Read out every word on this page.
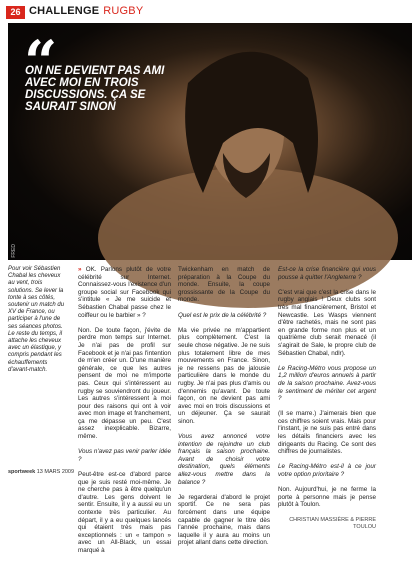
26 CHALLENGE RUGBY
“
ON NE DEVIENT PAS AMI AVEC MOI EN TROIS DISCUSSIONS. ÇA SE SAURAIT SINON
FRED
Pour voir Sébastien Chabal les cheveux au vent, trois solutions. Se lever la tonte à ses côtés, soutenir un match du XV de France, ou participer à l'une de ses séances photos. Le reste du temps, il attache les cheveux avec un élastique, y compris pendant les échauffements d'avant-match.

» OK. Parlons plutôt de votre célébrité sur Internet. Connaissez-vous l'existence d'un groupe social sur Facebook qui s'intitule « Je me suicide et Sébastien Chabal passe chez le coiffeur ou le barbier » ?

Non. De toute façon, j'évite de perdre mon temps sur Internet. Je n'ai pas de profil sur Facebook et je n'ai pas l'intention de m'en créer un. D'une manière générale, ce que les autres pensent de moi ne m'importe pas. Ceux qui s'intéressent au rugby se souviendront du joueur. Les autres s'intéressent à moi pour des raisons qui ont à voir avec mon image et franchement, ça me dépasse un peu. C'est assez inexplicable. Bizarre, même.

Vous n'avez pas venir parler idée ?

Peut-être est-ce d'abord parce que je suis resté moi-même. Je ne cherche pas à être quelqu'un d'autre. Les gens doivent le sentir. Ensuite, il y a aussi eu un contexte très particulier. Au départ, il y a eu quelques lancés qui étaient très mais pas exceptionnels : un « tampon » avec un All-Black, un essai marqué à

Twickenham en match de préparation à la Coupe du monde. Ensuite, la coupe grossissante de la Coupe du monde.

Quel est le prix de la célébrité ?

Ma vie privée ne m'appartient plus complètement. C'est la seule chose négative. Je ne suis plus totalement libre de mes mouvements en France. Sinon, je ne ressens pas de jalousie particulière dans le monde du rugby. Je n'ai pas plus d'amis ou d'ennemis qu'avant. De toute façon, on ne devient pas ami avec moi en trois discussions et un déjeuner. Ça se saurait sinon.

Vous avez annoncé votre intention de rejoindre un club français la saison prochaine. Avant de choisir votre destination, quels éléments allez-vous mettre dans la balance ?

Je regarderai d'abord le projet sportif. Ce ne sera pas forcément dans une équipe capable de gagner le titre dès l'année prochaine, mais dans laquelle il y aura au moins un projet allant dans cette direction.

Est-ce la crise financière qui vous pousse à quitter l'Angleterre ?

C'est vrai que c'est la crise dans le rugby anglais ! Deux clubs sont très mal financièrement, Bristol et Newcastle. Les Wasps viennent d'être rachetés, mais ne sont pas en grande forme non plus et un quatrième club serait menacé (il s'agirait de Sale, le propre club de Sébastien Chabal, ndlr).

Le Racing-Métro vous propose un 1,2 million d'euros annuels à partir de la saison prochaine. Avez-vous le sentiment de mériter cet argent ?

(Il se marre.) J'aimerais bien que ces chiffres soient vrais. Mais pour l'instant, je ne suis pas entré dans les détails financiers avec les dirigeants du Racing. Ce sont des chiffres de journalistes.

Le Racing-Métro est-il à ce jour votre option prioritaire ?

Non. Aujourd'hui, je ne ferme la porte à personne mais je pense plutôt à Toulon.

CHRISTIAN MASSIÈRE & PIERRE TOULOU

sportweek 13 MARS 2009
